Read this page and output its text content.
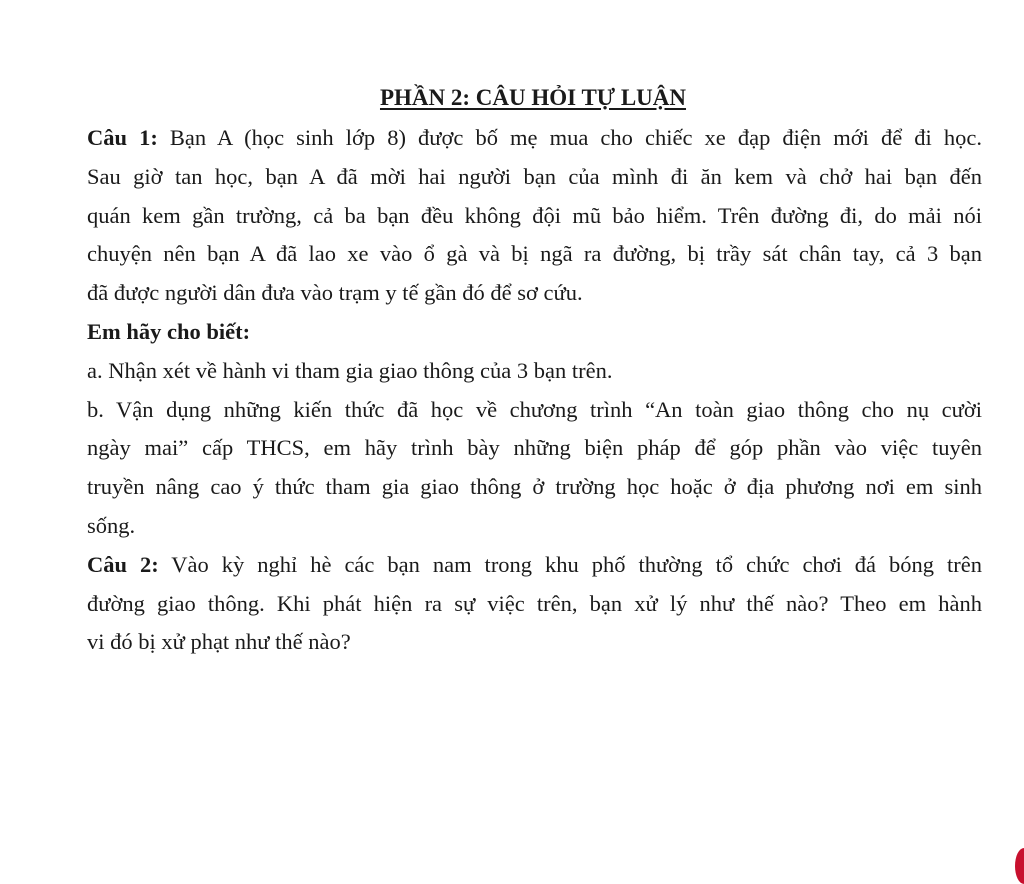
PHẦN 2: CÂU HỎI TỰ LUẬN
Câu 1: Bạn A (học sinh lớp 8) được bố mẹ mua cho chiếc xe đạp điện mới để đi học.
Sau giờ tan học, bạn A đã mời hai người bạn của mình đi ăn kem và chở hai bạn đến
quán kem gần trường, cả ba bạn đều không đội mũ bảo hiểm. Trên đường đi, do mải nói
chuyện nên bạn A đã lao xe vào ổ gà và bị ngã ra đường, bị trầy sát chân tay, cả 3 bạn
đã được người dân đưa vào trạm y tế gần đó để sơ cứu.
Em hãy cho biết:
a. Nhận xét về hành vi tham gia giao thông của 3 bạn trên.
b. Vận dụng những kiến thức đã học về chương trình “An toàn giao thông cho nụ cười
ngày mai” cấp THCS, em hãy trình bày những biện pháp để góp phần vào việc tuyên
truyền nâng cao ý thức tham gia giao thông ở trường học hoặc ở địa phương nơi em sinh
sống.
Câu 2: Vào kỳ nghỉ hè các bạn nam trong khu phố thường tổ chức chơi đá bóng trên
đường giao thông. Khi phát hiện ra sự việc trên, bạn xử lý như thế nào? Theo em hành
vi đó bị xử phạt như thế nào?
